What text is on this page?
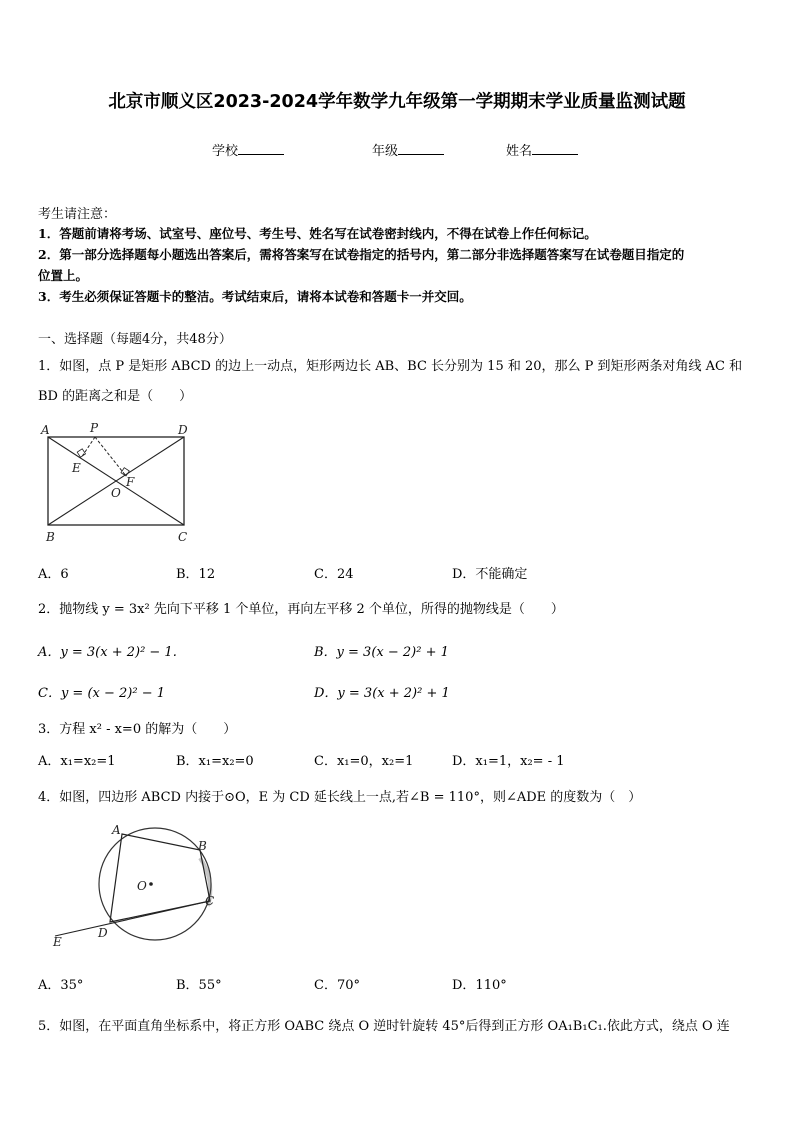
北京市顺义区2023-2024学年数学九年级第一学期期末学业质量监测试题
学校	年级	姓名
考生请注意：
1．答题前请将考场、试室号、座位号、考生号、姓名写在试卷密封线内，不得在试卷上作任何标记。
2．第一部分选择题每小题选出答案后，需将答案写在试卷指定的括号内，第二部分非选择题答案写在试卷题目指定的
位置上。
3．考生必须保证答题卡的整洁。考试结束后，请将本试卷和答题卡一并交回。
一、选择题（每题4分，共48分）
1．如图，点 P 是矩形 ABCD 的边上一动点，矩形两边长 AB、BC 长分别为 15 和 20，那么 P 到矩形两条对角线 AC 和
BD 的距离之和是（　　）
A	P	D
E
O
F
B	C
A．6	B．12	C．24	D．不能确定
2．抛物线 y = 3x² 先向下平移 1 个单位，再向左平移 2 个单位，所得的抛物线是（　　）
A．y = 3(x + 2)² − 1.	B．y = 3(x − 2)² + 1
C．y = (x − 2)² − 1	D．y = 3(x + 2)² + 1
3．方程 x² - x=0 的解为（　　）
A．x₁=x₂=1	B．x₁=x₂=0	C．x₁=0，x₂=1	D．x₁=1，x₂= - 1
4．如图，四边形 ABCD 内接于⊙O，E 为 CD 延长线上一点,若∠B = 110°，则∠ADE 的度数为（　）
A
B
O
C
D
E
A．35°	B．55°	C．70°	D．110°
5．如图，在平面直角坐标系中，将正方形 OABC 绕点 O 逆时针旋转 45°后得到正方形 OA₁B₁C₁.依此方式，绕点 O 连
